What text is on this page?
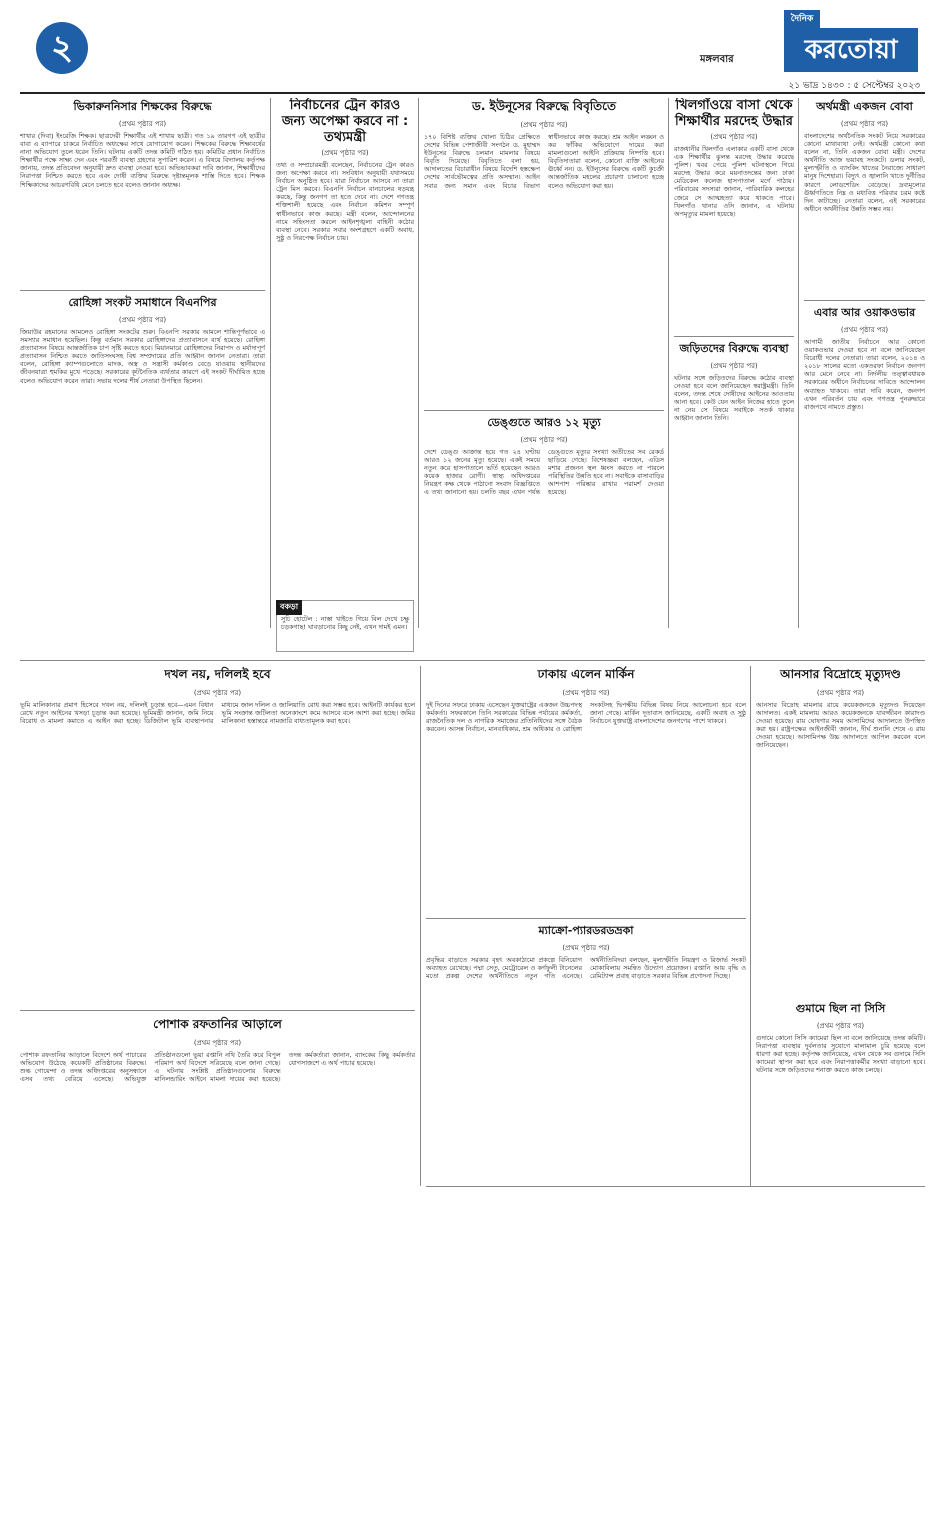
২	মঙ্গলবার
দৈনিক
করতোয়া
২১ ভাদ্র ১৪৩০ : ৫ সেপ্টেম্বর ২০২৩
ভিকারুননিসার শিক্ষকের বিরুদ্ধে
(প্রথম পৃষ্ঠার পর)
শাখার (দিবা) ইংরেজি শিক্ষক। ছাত্রদেরী শিক্ষার্থীর এই শাখায় ছাত্রী। গত ১৯ তারগণ এই ছাত্রীর বাবা এ ব্যাপারে চাকরে নির্বাচিত অধ্যক্ষের সাথে যোগাযোগ করেন। শিক্ষকের বিরুদ্ধে শিক্ষাবর্ষের নানা অভিযোগ তুলে ধরেন তিনি। ঘটনায় একটি তদন্ত কমিটি গঠিত হয়। কমিটির প্রধান নির্বাচিত শিক্ষার্থীর পক্ষে সাক্ষ্য দেন এবং পরবর্তী ব্যবস্থা গ্রহণের সুপারিশ করেন। এ বিষয়ে বিদ্যালয় কর্তৃপক্ষ জানায়, তদন্ত প্রতিবেদন অনুযায়ী দ্রুত ব্যবস্থা নেওয়া হবে। অভিভাবকরা দাবি জানান, শিক্ষার্থীদের নিরাপত্তা নিশ্চিত করতে হবে এবং দোষী ব্যক্তির বিরুদ্ধে দৃষ্টান্তমূলক শাস্তি দিতে হবে। শিক্ষক শিক্ষিকাদের আচরণবিধি মেনে চলতে হবে বলেও জানান অধ্যক্ষ।
রোহিঙ্গা সংকট সমাধানে বিএনপির
(প্রথম পৃষ্ঠার পর)
জিয়াউর রহমানের আমলেও রোহিঙ্গা সংকটের শুরু। বিএনপি সরকার আমলে শান্তিপূর্ণভাবে এ সমস্যার সমাধান হয়েছিল। কিন্তু বর্তমান সরকার রোহিঙ্গাদের প্রত্যাবাসনে ব্যর্থ হয়েছে। রোহিঙ্গা প্রত্যাবাসন বিষয়ে আন্তর্জাতিক চাপ সৃষ্টি করতে হবে। মিয়ানমারে রোহিঙ্গাদের নিরাপদ ও মর্যাদাপূর্ণ প্রত্যাবাসন নিশ্চিত করতে জাতিসংঘসহ বিশ্ব সম্প্রদায়ের প্রতি আহ্বান জানান নেতারা। তারা বলেন, রোহিঙ্গা ক্যাম্পগুলোতে মাদক, অস্ত্র ও সন্ত্রাসী কর্মকাণ্ড বেড়ে যাওয়ায় স্থানীয়দের জীবনযাত্রা হুমকির মুখে পড়েছে। সরকারের কূটনৈতিক ব্যর্থতার কারণে এই সংকট দীর্ঘায়িত হচ্ছে বলেও অভিযোগ করেন তারা। সভায় দলের শীর্ষ নেতারা উপস্থিত ছিলেন।
নির্বাচনের ট্রেন কারও জন্য অপেক্ষা করবে না : তথ্যমন্ত্রী
(প্রথম পৃষ্ঠার পর)
তথ্য ও সম্প্রচারমন্ত্রী বলেছেন, নির্বাচনের ট্রেন কারও জন্য অপেক্ষা করবে না। সংবিধান অনুযায়ী যথাসময়ে নির্বাচন অনুষ্ঠিত হবে। যারা নির্বাচনে আসবে না তারা ট্রেন মিস করবে। বিএনপি নির্বাচন বানচালের ষড়যন্ত্র করছে, কিন্তু জনগণ তা হতে দেবে না। দেশে গণতন্ত্র শক্তিশালী হয়েছে এবং নির্বাচন কমিশন সম্পূর্ণ স্বাধীনভাবে কাজ করছে। মন্ত্রী বলেন, আন্দোলনের নামে সহিংসতা করলে আইনশৃঙ্খলা বাহিনী কঠোর ব্যবস্থা নেবে। সরকার সবার অংশগ্রহণে একটি অবাধ, সুষ্ঠু ও নিরপেক্ষ নির্বাচন চায়।
ড. ইউনূসের বিরুদ্ধে বিবৃতিতে
(প্রথম পৃষ্ঠার পর)
১৭০ বিশিষ্ট ব্যক্তির খোলা চিঠির প্রেক্ষিতে দেশের বিভিন্ন পেশাজীবী সংগঠন ড. মুহাম্মদ ইউনূসের বিরুদ্ধে চলমান মামলার বিষয়ে বিবৃতি দিয়েছে। বিবৃতিতে বলা হয়, আদালতের বিচারাধীন বিষয়ে বিদেশি হস্তক্ষেপ দেশের সার্বভৌমত্বের প্রতি অসম্মান। আইন সবার জন্য সমান এবং বিচার বিভাগ স্বাধীনভাবে কাজ করছে। শ্রম আইন লঙ্ঘন ও কর ফাঁকির অভিযোগে দায়ের করা মামলাগুলো আইনি প্রক্রিয়ায় নিষ্পত্তি হবে। বিবৃতিদাতারা বলেন, কোনো ব্যক্তি আইনের ঊর্ধ্বে নন। ড. ইউনূসের বিরুদ্ধে একটি কুচক্রী আন্তর্জাতিক মহলের প্রচারণা চালানো হচ্ছে বলেও অভিযোগ করা হয়।
ডেঙ্গুতে আরও ১২ মৃত্যু
(প্রথম পৃষ্ঠার পর)
দেশে ডেঙ্গু আক্রান্ত হয়ে গত ২৪ ঘণ্টায় আরও ১২ জনের মৃত্যু হয়েছে। একই সময়ে নতুন করে হাসপাতালে ভর্তি হয়েছেন আরও কয়েক হাজার রোগী। স্বাস্থ্য অধিদপ্তরের নিয়ন্ত্রণ কক্ষ থেকে পাঠানো সংবাদ বিজ্ঞপ্তিতে এ তথ্য জানানো হয়। চলতি বছর এখন পর্যন্ত ডেঙ্গুতে মৃত্যুর সংখ্যা অতীতের সব রেকর্ড ছাড়িয়ে গেছে। বিশেষজ্ঞরা বলছেন, এডিস মশার প্রজনন স্থল ধ্বংস করতে না পারলে পরিস্থিতির উন্নতি হবে না। সবাইকে বাসাবাড়ির আশপাশ পরিষ্কার রাখার পরামর্শ দেওয়া হয়েছে।
বকড়া
সুচি হোটেল : নাস্তা খাইতে গিয়ে বিল দেখে চক্ষু চড়কগাছ! ঘাবড়ানোর কিছু নেই, এখন দামই এমন।
খিলগাঁওয়ে বাসা থেকে শিক্ষার্থীর মরদেহ উদ্ধার
(প্রথম পৃষ্ঠার পর)
রাজধানীর খিলগাঁও এলাকার একটি বাসা থেকে এক শিক্ষার্থীর ঝুলন্ত মরদেহ উদ্ধার করেছে পুলিশ। খবর পেয়ে পুলিশ ঘটনাস্থলে গিয়ে মরদেহ উদ্ধার করে ময়নাতদন্তের জন্য ঢাকা মেডিকেল কলেজ হাসপাতাল মর্গে পাঠায়। পরিবারের সদস্যরা জানান, পারিবারিক কলহের জেরে সে আত্মহত্যা করে থাকতে পারে। খিলগাঁও থানার ওসি জানান, এ ঘটনায় অপমৃত্যুর মামলা হয়েছে।
জড়িতদের বিরুদ্ধে ব্যবস্থা
(প্রথম পৃষ্ঠার পর)
ঘটনার সঙ্গে জড়িতদের বিরুদ্ধে কঠোর ব্যবস্থা নেওয়া হবে বলে জানিয়েছেন স্বরাষ্ট্রমন্ত্রী। তিনি বলেন, তদন্ত শেষে দোষীদের আইনের আওতায় আনা হবে। কেউ যেন আইন নিজের হাতে তুলে না নেয় সে বিষয়ে সবাইকে সতর্ক থাকার আহ্বান জানান তিনি।
অর্থমন্ত্রী একজন বোবা
(প্রথম পৃষ্ঠার পর)
বাংলাদেশের অর্থনৈতিক সংকট নিয়ে সরকারের কোনো মাথাব্যথা নেই। অর্থমন্ত্রী কোনো কথা বলেন না, তিনি একজন বোবা মন্ত্রী। দেশের অর্থনীতি আজ ভয়াবহ সংকটে। ডলার সংকট, মূল্যস্ফীতি ও ব্যাংকিং খাতের নৈরাজ্যে সাধারণ মানুষ দিশেহারা। বিদ্যুৎ ও জ্বালানি খাতে দুর্নীতির কারণে লোডশেডিং বেড়েছে। দ্রব্যমূল্যের ঊর্ধ্বগতিতে নিম্ন ও মধ্যবিত্ত পরিবার চরম কষ্টে দিন কাটাচ্ছে। নেতারা বলেন, এই সরকারের অধীনে অর্থনীতির উন্নতি সম্ভব নয়।
এবার আর ওয়াকওভার
(প্রথম পৃষ্ঠার পর)
আগামী জাতীয় নির্বাচনে আর কোনো ওয়াকওভার দেওয়া হবে না বলে জানিয়েছেন বিরোধী দলের নেতারা। তারা বলেন, ২০১৪ ও ২০১৮ সালের মতো একতরফা নির্বাচন জনগণ আর মেনে নেবে না। নির্দলীয় তত্ত্বাবধায়ক সরকারের অধীনে নির্বাচনের দাবিতে আন্দোলন অব্যাহত থাকবে। তারা দাবি করেন, জনগণ এখন পরিবর্তন চায় এবং গণতন্ত্র পুনরুদ্ধারে রাজপথে নামতে প্রস্তুত।
দখল নয়, দলিলই হবে
(প্রথম পৃষ্ঠার পর)
ভূমি মালিকানার প্রমাণ হিসেবে দখল নয়, দলিলই চূড়ান্ত হবে—এমন বিধান রেখে নতুন আইনের খসড়া চূড়ান্ত করা হয়েছে। ভূমিমন্ত্রী জানান, জমি নিয়ে বিরোধ ও মামলা কমাতে এ আইন করা হচ্ছে। ডিজিটাল ভূমি ব্যবস্থাপনার মাধ্যমে জাল দলিল ও জালিয়াতি রোধ করা সম্ভব হবে। আইনটি কার্যকর হলে ভূমি সংক্রান্ত জটিলতা অনেকাংশে কমে আসবে বলে আশা করা হচ্ছে। জমির মালিকানা হস্তান্তরে নামজারি বাধ্যতামূলক করা হবে।
ঢাকায় এলেন মার্কিন
(প্রথম পৃষ্ঠার পর)
দুই দিনের সফরে ঢাকায় এসেছেন যুক্তরাষ্ট্রের একজন উচ্চপদস্থ কর্মকর্তা। সফরকালে তিনি সরকারের বিভিন্ন পর্যায়ের কর্মকর্তা, রাজনৈতিক দল ও নাগরিক সমাজের প্রতিনিধিদের সঙ্গে বৈঠক করবেন। আসন্ন নির্বাচন, মানবাধিকার, শ্রম অধিকার ও রোহিঙ্গা সংকটসহ দ্বিপক্ষীয় বিভিন্ন বিষয় নিয়ে আলোচনা হবে বলে জানা গেছে। মার্কিন দূতাবাস জানিয়েছে, একটি অবাধ ও সুষ্ঠু নির্বাচনে যুক্তরাষ্ট্র বাংলাদেশের জনগণের পাশে থাকবে।
ম্যাক্রো-প্যারডরডভ্রকা
(প্রথম পৃষ্ঠার পর)
প্রবৃদ্ধির বাড়াতে সরকার বৃহৎ অবকাঠামো প্রকল্পে বিনিয়োগ অব্যাহত রেখেছে। পদ্মা সেতু, মেট্রোরেল ও কর্ণফুলী টানেলের মতো প্রকল্প দেশের অর্থনীতিতে নতুন গতি এনেছে। অর্থনীতিবিদরা বলছেন, মূল্যস্ফীতি নিয়ন্ত্রণ ও রিজার্ভ সংকট মোকাবিলায় সমন্বিত উদ্যোগ প্রয়োজন। রপ্তানি আয় বৃদ্ধি ও রেমিট্যান্স প্রবাহ বাড়াতে সরকার বিভিন্ন প্রণোদনা দিচ্ছে।
আনসার বিদ্রোহে মৃত্যুদণ্ড
(প্রথম পৃষ্ঠার পর)
আনসার বিদ্রোহ মামলার রায়ে কয়েকজনকে মৃত্যুদণ্ড দিয়েছেন আদালত। একই মামলায় আরও কয়েকজনকে যাবজ্জীবন কারাদণ্ড দেওয়া হয়েছে। রায় ঘোষণার সময় আসামিদের আদালতে উপস্থিত করা হয়। রাষ্ট্রপক্ষের আইনজীবী জানান, দীর্ঘ শুনানি শেষে এ রায় দেওয়া হয়েছে। আসামিপক্ষ উচ্চ আদালতে আপিল করবেন বলে জানিয়েছেন।
পোশাক রফতানির আড়ালে
(প্রথম পৃষ্ঠার পর)
পোশাক রফতানির আড়ালে বিদেশে অর্থ পাচারের অভিযোগ উঠেছে কয়েকটি প্রতিষ্ঠানের বিরুদ্ধে। শুল্ক গোয়েন্দা ও তদন্ত অধিদপ্তরের অনুসন্ধানে এসব তথ্য বেরিয়ে এসেছে। অভিযুক্ত প্রতিষ্ঠানগুলো ভুয়া রপ্তানি নথি তৈরি করে বিপুল পরিমাণ অর্থ বিদেশে সরিয়েছে বলে জানা গেছে। এ ঘটনায় সংশ্লিষ্ট প্রতিষ্ঠানগুলোর বিরুদ্ধে মানিলন্ডারিং আইনে মামলা দায়ের করা হয়েছে। তদন্ত কর্মকর্তারা জানান, ব্যাংকের কিছু কর্মকর্তার যোগসাজশে এ অর্থ পাচার হয়েছে।
গুমামে ছিল না সিসি
(প্রথম পৃষ্ঠার পর)
গুদামে কোনো সিসি ক্যামেরা ছিল না বলে জানিয়েছে তদন্ত কমিটি। নিরাপত্তা ব্যবস্থার দুর্বলতার সুযোগে মালামাল চুরি হয়েছে বলে ধারণা করা হচ্ছে। কর্তৃপক্ষ জানিয়েছে, এখন থেকে সব গুদামে সিসি ক্যামেরা স্থাপন করা হবে এবং নিরাপত্তাকর্মীর সংখ্যা বাড়ানো হবে। ঘটনার সঙ্গে জড়িতদের শনাক্ত করতে কাজ চলছে।
